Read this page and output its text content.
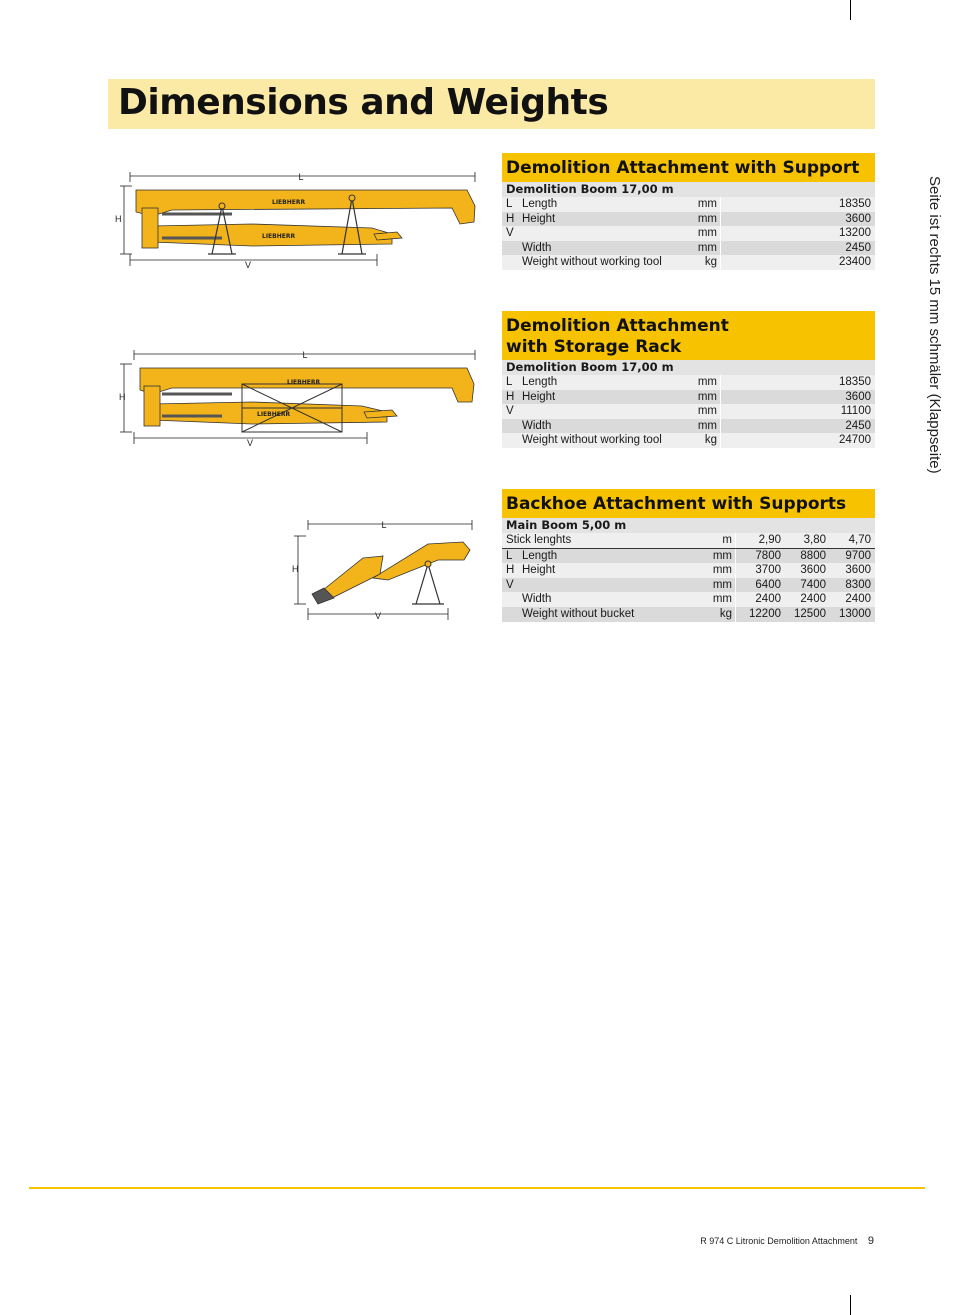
Dimensions and Weights
L
H
V
LIEBHERR
LIEBHERR
L
H
V
LIEBHERR
LIEBHERR
L
H
V
Demolition Attachment with Support
Demolition Boom 17,00 m
L Length	mm	18350
H Height	mm	3600
V	mm	13200
Width	mm	2450
Weight without working tool	kg	23400
Demolition Attachment
with Storage Rack
Demolition Boom 17,00 m
L Length	mm	18350
H Height	mm	3600
V	mm	11100
Width	mm	2450
Weight without working tool	kg	24700
Backhoe Attachment with Supports
Main Boom 5,00 m
Stick lenghts	m	2,90	3,80	4,70
L Length	mm	7800	8800	9700
H Height	mm	3700	3600	3600
V	mm	6400	7400	8300
Width	mm	2400	2400	2400
Weight without bucket	kg	12200	12500	13000
Seite ist rechts 15 mm schmäler (Klappseite)
R 974 C Litronic Demolition Attachment 9
